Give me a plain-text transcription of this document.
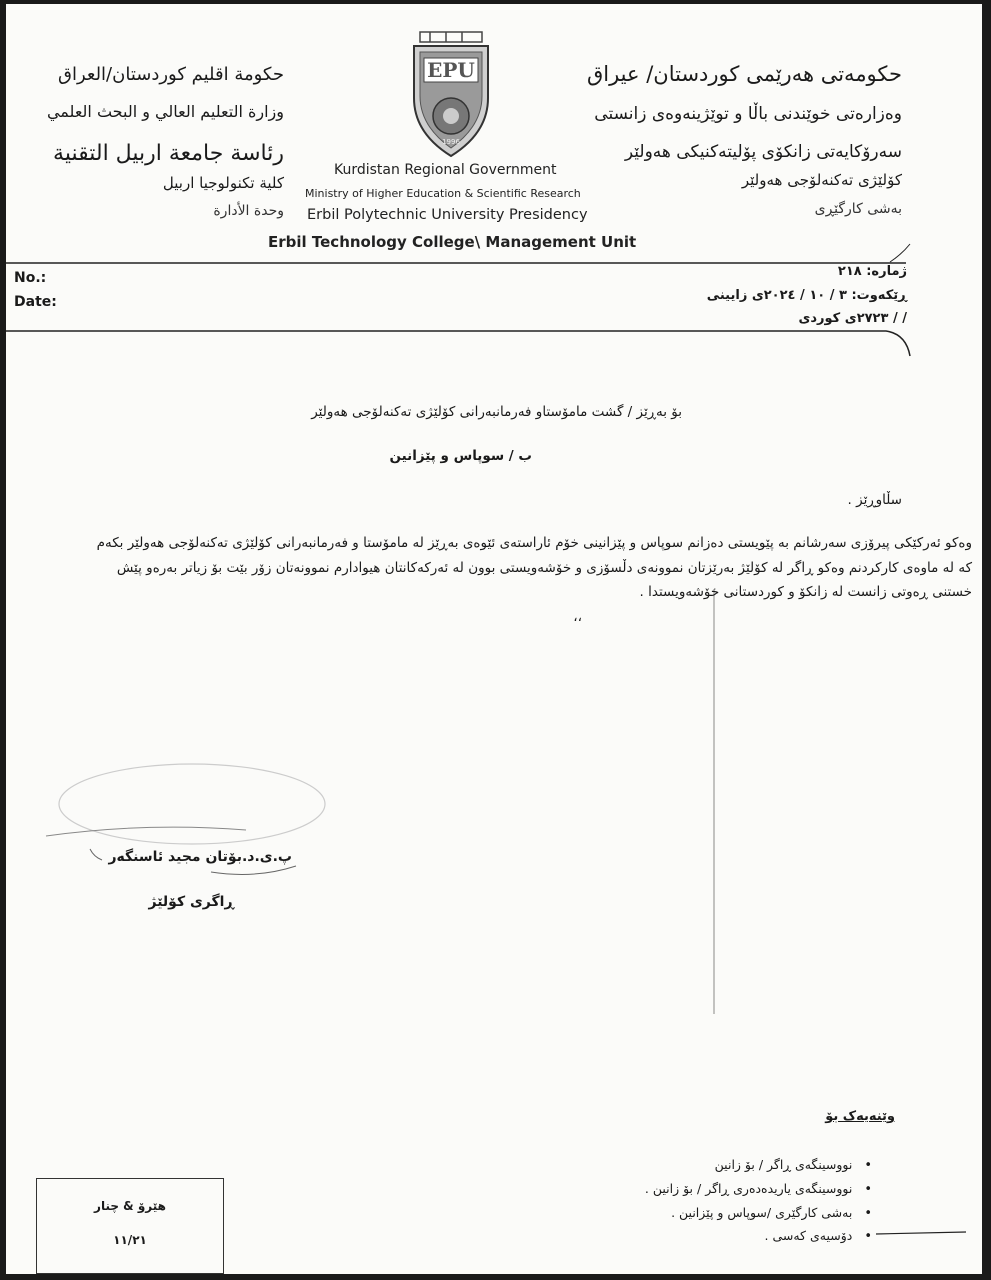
حکومەتی هەرێمی کوردستان/ عیراق
وەزارەتی خوێندنی باڵا و توێژینەوەی زانستی
سەرۆکایەتی زانکۆی پۆلیتەکنیکی هەولێر
کۆلێژی تەکنەلۆجی هەولێر
بەشی کارگێڕی
حكومة اقليم كوردستان/العراق
وزارة التعليم العالي و البحث العلمي
رئاسة جامعة اربيل التقنية
كلية تكنولوجيا اربيل
وحدة الأدارة
EPU
1996
Kurdistan Regional Government
Ministry of Higher Education & Scientific Research
Erbil Polytechnic University Presidency
Erbil Technology College\ Management Unit
No.:
Date:
ژمارە: ٢١٨
ڕێکەوت: ٣ / ١٠ / ٢٠٢٤ی زایینی
/ / ٢٧٢٣ی کوردی
بۆ بەڕێز / گشت مامۆستاو فەرمانبەرانی کۆلێژی تەکنەلۆجی هەولێر
ب / سوپاس و پێزانین
سڵاوڕێز .
وەکو ئەرکێکی پیرۆزی سەرشانم بە پێویستی دەزانم سوپاس و پێزانینی خۆم ئاراستەی ئێوەی بەڕێز لە مامۆستا و فەرمانبەرانی کۆلێژی تەکنەلۆجی هەولێر بکەم
کە لە ماوەی کارکردنم وەکو ڕاگر لە کۆلێژ بەرێزتان نموونەی دڵسۆزی و خۆشەویستی بوون لە ئەرکەکانتان هیوادارم نموونەتان زۆر بێت بۆ زیاتر بەرەو پێش
خستنی ڕەوتی زانست لە زانکۆ و کوردستانی خۆشەویستدا .
،،
پ.ی.د.بۆتان مجید ئاسنگەر
ڕاگری کۆلێژ
وێنەیەک بۆ
•نووسینگەی ڕاگر / بۆ زانین
•نووسینگەی یاریدەدەری ڕاگر / بۆ زانین .
•بەشی کارگێری /سوپاس و پێزانین .
•دۆسیەی کەسی .
هێرۆ & چنار
١١/٢١
